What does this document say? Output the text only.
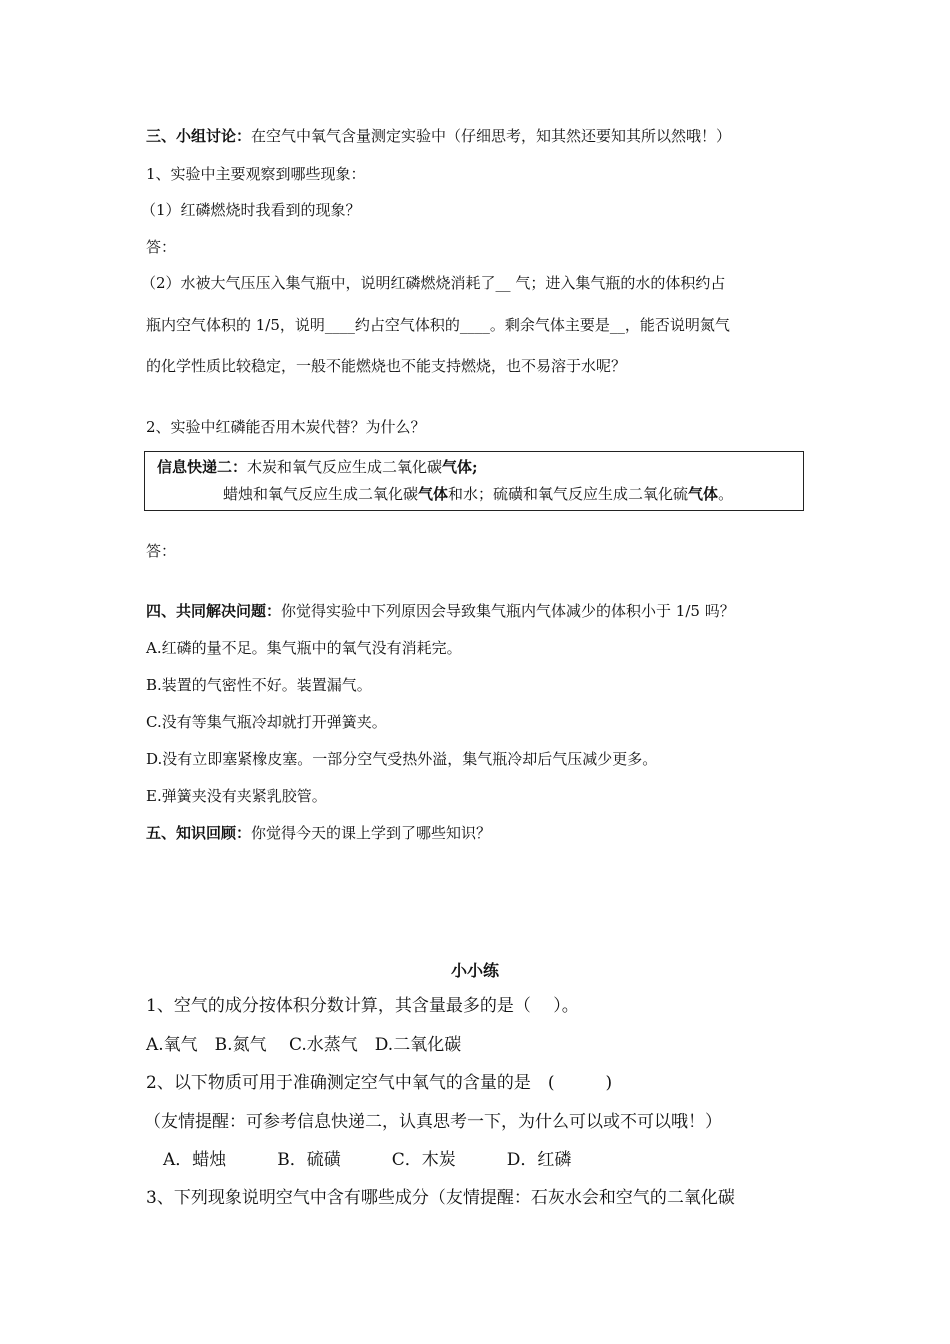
三、小组讨论：在空气中氧气含量测定实验中（仔细思考，知其然还要知其所以然哦！）
1、实验中主要观察到哪些现象：
（1）红磷燃烧时我看到的现象？
答：
（2）水被大气压压入集气瓶中，说明红磷燃烧消耗了__ 气；进入集气瓶的水的体积约占
瓶内空气体积的 1/5，说明____约占空气体积的____。剩余气体主要是__，能否说明氮气
的化学性质比较稳定，一般不能燃烧也不能支持燃烧，也不易溶于水呢？
2、实验中红磷能否用木炭代替？为什么？
信息快递二：木炭和氧气反应生成二氧化碳气体;
蜡烛和氧气反应生成二氧化碳气体和水；硫磺和氧气反应生成二氧化硫气体。
答：
四、共同解决问题：你觉得实验中下列原因会导致集气瓶内气体减少的体积小于 1/5 吗？
A.红磷的量不足。集气瓶中的氧气没有消耗完。
B.装置的气密性不好。装置漏气。
C.没有等集气瓶冷却就打开弹簧夹。
D.没有立即塞紧橡皮塞。一部分空气受热外溢，集气瓶冷却后气压减少更多。
E.弹簧夹没有夹紧乳胶管。
五、知识回顾：你觉得今天的课上学到了哪些知识？
小小练
1、空气的成分按体积分数计算，其含量最多的是（　 ）。
A.氧气　B.氮气　 C.水蒸气　D.二氧化碳
2、以下物质可用于准确测定空气中氧气的含量的是　(　　　)
（友情提醒：可参考信息快递二，认真思考一下，为什么可以或不可以哦！）
A．蜡烛　　　B．硫磺　　　C．木炭　　　D．红磷
3、下列现象说明空气中含有哪些成分（友情提醒：石灰水会和空气的二氧化碳
